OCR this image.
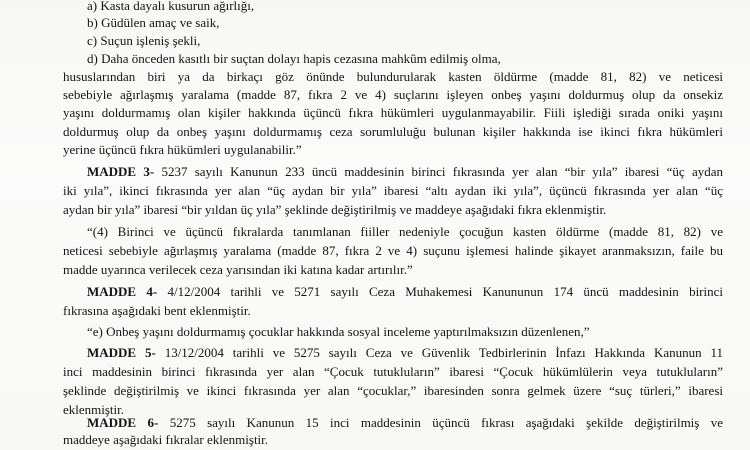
a) Kasta dayalı kusurun ağırlığı,
b) Güdülen amaç ve saik,
c) Suçun işleniş şekli,
d) Daha önceden kasıtlı bir suçtan dolayı hapis cezasına mahkûm edilmiş olma,
hususlarından biri ya da birkaçı göz önünde bulundurularak kasten öldürme (madde 81, 82) ve neticesi
sebebiyle ağırlaşmış yaralama (madde 87, fıkra 2 ve 4) suçlarını işleyen onbeş yaşını doldurmuş olup da onsekiz
yaşını doldurmamış olan kişiler hakkında üçüncü fıkra hükümleri uygulanmayabilir. Fiili işlediği sırada oniki yaşını
doldurmuş olup da onbeş yaşını doldurmamış ceza sorumluluğu bulunan kişiler hakkında ise ikinci fıkra hükümleri
yerine üçüncü fıkra hükümleri uygulanabilir.”
MADDE 3- 5237 sayılı Kanunun 233 üncü maddesinin birinci fıkrasında yer alan “bir yıla” ibaresi “üç aydan
iki yıla”, ikinci fıkrasında yer alan “üç aydan bir yıla” ibaresi “altı aydan iki yıla”, üçüncü fıkrasında yer alan “üç
aydan bir yıla” ibaresi “bir yıldan üç yıla” şeklinde değiştirilmiş ve maddeye aşağıdaki fıkra eklenmiştir.
“(4) Birinci ve üçüncü fıkralarda tanımlanan fiiller nedeniyle çocuğun kasten öldürme (madde 81, 82) ve
neticesi sebebiyle ağırlaşmış yaralama (madde 87, fıkra 2 ve 4) suçunu işlemesi halinde şikayet aranmaksızın, faile bu
madde uyarınca verilecek ceza yarısından iki katına kadar artırılır.”
MADDE 4- 4/12/2004 tarihli ve 5271 sayılı Ceza Muhakemesi Kanununun 174 üncü maddesinin birinci
fıkrasına aşağıdaki bent eklenmiştir.
“e) Onbeş yaşını doldurmamış çocuklar hakkında sosyal inceleme yaptırılmaksızın düzenlenen,”
MADDE 5- 13/12/2004 tarihli ve 5275 sayılı Ceza ve Güvenlik Tedbirlerinin İnfazı Hakkında Kanunun 11
inci maddesinin birinci fıkrasında yer alan “Çocuk tutukluların” ibaresi “Çocuk hükümlülerin veya tutukluların”
şeklinde değiştirilmiş ve ikinci fıkrasında yer alan “çocuklar,” ibaresinden sonra gelmek üzere “suç türleri,” ibaresi
eklenmiştir.
MADDE 6- 5275 sayılı Kanunun 15 inci maddesinin üçüncü fıkrası aşağıdaki şekilde değiştirilmiş ve
maddeye aşağıdaki fıkralar eklenmiştir.
